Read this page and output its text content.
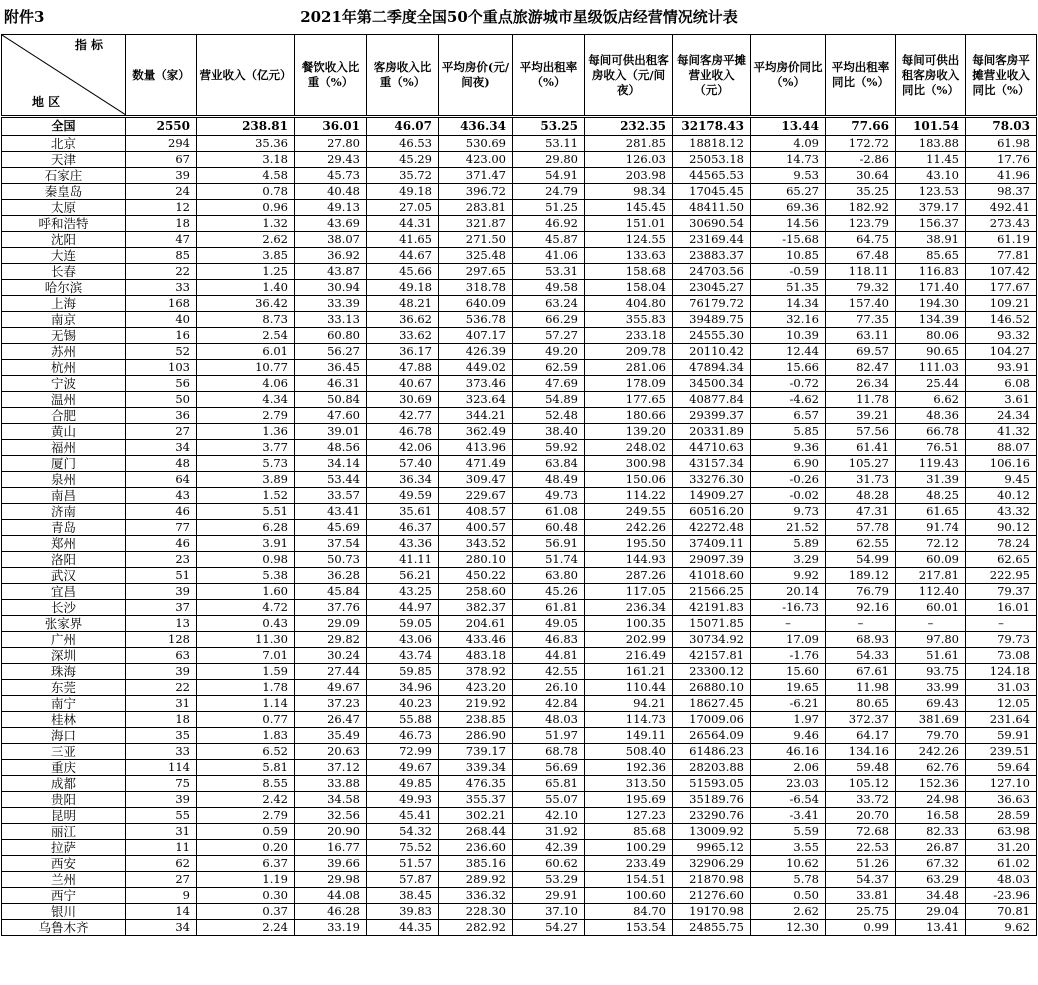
附件3	2021年第二季度全国50个重点旅游城市星级饭店经营情况统计表
指 标
地 区	数量（家）	营业收入（亿元）	餐饮收入比重（%）	客房收入比重（%）	平均房价(元/间夜)	平均出租率（%）	每间可供出租客房收入（元/间夜）	每间客房平摊营业收入（元）	平均房价同比（%）	平均出租率同比（%）	每间可供出租客房收入同比（%）	每间客房平摊营业收入同比（%）
全国	2550	238.81	36.01	46.07	436.34	53.25	232.35	32178.43	13.44	77.66	101.54	78.03
北京	294	35.36	27.80	46.53	530.69	53.11	281.85	18818.12	4.09	172.72	183.88	61.98
天津	67	3.18	29.43	45.29	423.00	29.80	126.03	25053.18	14.73	-2.86	11.45	17.76
石家庄	39	4.58	45.73	35.72	371.47	54.91	203.98	44565.53	9.53	30.64	43.10	41.96
秦皇岛	24	0.78	40.48	49.18	396.72	24.79	98.34	17045.45	65.27	35.25	123.53	98.37
太原	12	0.96	49.13	27.05	283.81	51.25	145.45	48411.50	69.36	182.92	379.17	492.41
呼和浩特	18	1.32	43.69	44.31	321.87	46.92	151.01	30690.54	14.56	123.79	156.37	273.43
沈阳	47	2.62	38.07	41.65	271.50	45.87	124.55	23169.44	-15.68	64.75	38.91	61.19
大连	85	3.85	36.92	44.67	325.48	41.06	133.63	23883.37	10.85	67.48	85.65	77.81
长春	22	1.25	43.87	45.66	297.65	53.31	158.68	24703.56	-0.59	118.11	116.83	107.42
哈尔滨	33	1.40	30.94	49.18	318.78	49.58	158.04	23045.27	51.35	79.32	171.40	177.67
上海	168	36.42	33.39	48.21	640.09	63.24	404.80	76179.72	14.34	157.40	194.30	109.21
南京	40	8.73	33.13	36.62	536.78	66.29	355.83	39489.75	32.16	77.35	134.39	146.52
无锡	16	2.54	60.80	33.62	407.17	57.27	233.18	24555.30	10.39	63.11	80.06	93.32
苏州	52	6.01	56.27	36.17	426.39	49.20	209.78	20110.42	12.44	69.57	90.65	104.27
杭州	103	10.77	36.45	47.88	449.02	62.59	281.06	47894.34	15.66	82.47	111.03	93.91
宁波	56	4.06	46.31	40.67	373.46	47.69	178.09	34500.34	-0.72	26.34	25.44	6.08
温州	50	4.34	50.84	30.69	323.64	54.89	177.65	40877.84	-4.62	11.78	6.62	3.61
合肥	36	2.79	47.60	42.77	344.21	52.48	180.66	29399.37	6.57	39.21	48.36	24.34
黄山	27	1.36	39.01	46.78	362.49	38.40	139.20	20331.89	5.85	57.56	66.78	41.32
福州	34	3.77	48.56	42.06	413.96	59.92	248.02	44710.63	9.36	61.41	76.51	88.07
厦门	48	5.73	34.14	57.40	471.49	63.84	300.98	43157.34	6.90	105.27	119.43	106.16
泉州	64	3.89	53.44	36.34	309.47	48.49	150.06	33276.30	-0.26	31.73	31.39	9.45
南昌	43	1.52	33.57	49.59	229.67	49.73	114.22	14909.27	-0.02	48.28	48.25	40.12
济南	46	5.51	43.41	35.61	408.57	61.08	249.55	60516.20	9.73	47.31	61.65	43.32
青岛	77	6.28	45.69	46.37	400.57	60.48	242.26	42272.48	21.52	57.78	91.74	90.12
郑州	46	3.91	37.54	43.36	343.52	56.91	195.50	37409.11	5.89	62.55	72.12	78.24
洛阳	23	0.98	50.73	41.11	280.10	51.74	144.93	29097.39	3.29	54.99	60.09	62.65
武汉	51	5.38	36.28	56.21	450.22	63.80	287.26	41018.60	9.92	189.12	217.81	222.95
宜昌	39	1.60	45.84	43.25	258.60	45.26	117.05	21566.25	20.14	76.79	112.40	79.37
长沙	37	4.72	37.76	44.97	382.37	61.81	236.34	42191.83	-16.73	92.16	60.01	16.01
张家界	13	0.43	29.09	59.05	204.61	49.05	100.35	15071.85	–	–	–	–
广州	128	11.30	29.82	43.06	433.46	46.83	202.99	30734.92	17.09	68.93	97.80	79.73
深圳	63	7.01	30.24	43.74	483.18	44.81	216.49	42157.81	-1.76	54.33	51.61	73.08
珠海	39	1.59	27.44	59.85	378.92	42.55	161.21	23300.12	15.60	67.61	93.75	124.18
东莞	22	1.78	49.67	34.96	423.20	26.10	110.44	26880.10	19.65	11.98	33.99	31.03
南宁	31	1.14	37.23	40.23	219.92	42.84	94.21	18627.45	-6.21	80.65	69.43	12.05
桂林	18	0.77	26.47	55.88	238.85	48.03	114.73	17009.06	1.97	372.37	381.69	231.64
海口	35	1.83	35.49	46.73	286.90	51.97	149.11	26564.09	9.46	64.17	79.70	59.91
三亚	33	6.52	20.63	72.99	739.17	68.78	508.40	61486.23	46.16	134.16	242.26	239.51
重庆	114	5.81	37.12	49.67	339.34	56.69	192.36	28203.88	2.06	59.48	62.76	59.64
成都	75	8.55	33.88	49.85	476.35	65.81	313.50	51593.05	23.03	105.12	152.36	127.10
贵阳	39	2.42	34.58	49.93	355.37	55.07	195.69	35189.76	-6.54	33.72	24.98	36.63
昆明	55	2.79	32.56	45.41	302.21	42.10	127.23	23290.76	-3.41	20.70	16.58	28.59
丽江	31	0.59	20.90	54.32	268.44	31.92	85.68	13009.92	5.59	72.68	82.33	63.98
拉萨	11	0.20	16.77	75.52	236.60	42.39	100.29	9965.12	3.55	22.53	26.87	31.20
西安	62	6.37	39.66	51.57	385.16	60.62	233.49	32906.29	10.62	51.26	67.32	61.02
兰州	27	1.19	29.98	57.87	289.92	53.29	154.51	21870.98	5.78	54.37	63.29	48.03
西宁	9	0.30	44.08	38.45	336.32	29.91	100.60	21276.60	0.50	33.81	34.48	-23.96
银川	14	0.37	46.28	39.83	228.30	37.10	84.70	19170.98	2.62	25.75	29.04	70.81
乌鲁木齐	34	2.24	33.19	44.35	282.92	54.27	153.54	24855.75	12.30	0.99	13.41	9.62
